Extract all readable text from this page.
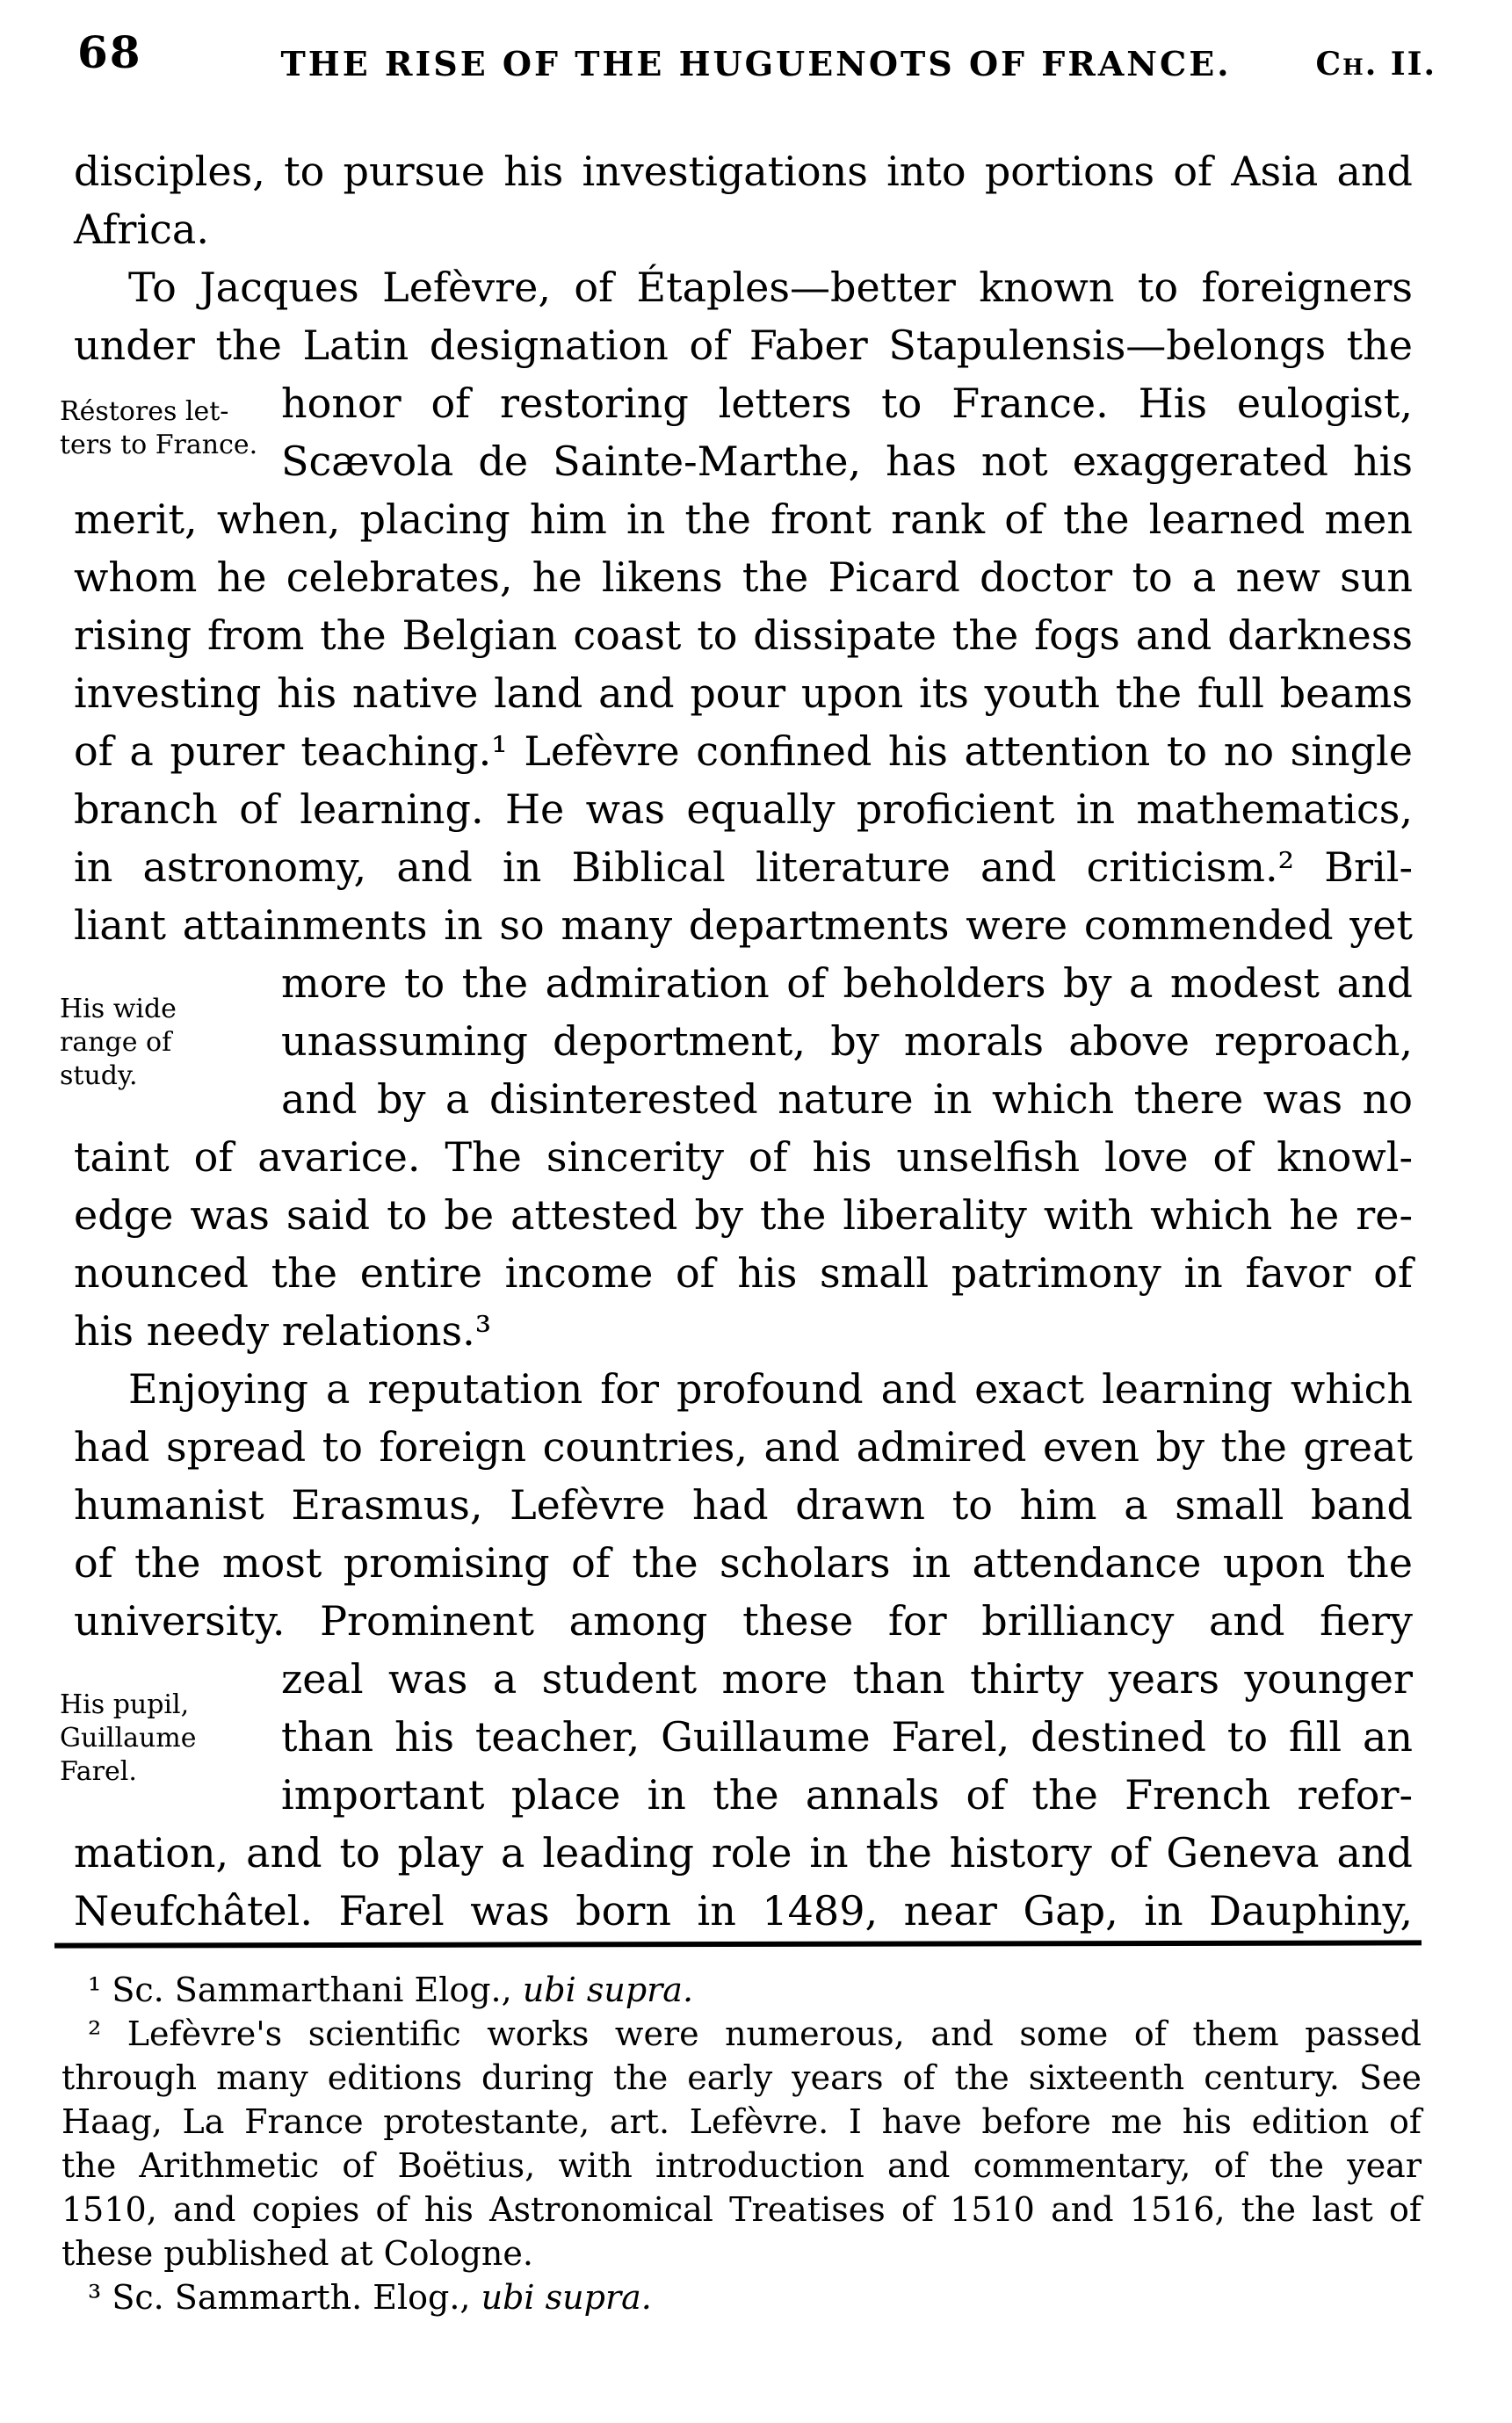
68	THE RISE OF THE HUGUENOTS OF FRANCE.	Ch. II.
disciples, to pursue his investigations into portions of Asia and
Africa.
To Jacques Lefèvre, of Étaples—better known to foreigners
under the Latin designation of Faber Stapulensis—belongs the
honor of restoring letters to France. His eulogist,
Scævola de Sainte-Marthe, has not exaggerated his
merit, when, placing him in the front rank of the learned men
whom he celebrates, he likens the Picard doctor to a new sun
rising from the Belgian coast to dissipate the fogs and darkness
investing his native land and pour upon its youth the full beams
of a purer teaching.¹ Lefèvre confined his attention to no single
branch of learning. He was equally proficient in mathematics,
in astronomy, and in Biblical literature and criticism.² Bril-
liant attainments in so many departments were commended yet
more to the admiration of beholders by a modest and
unassuming deportment, by morals above reproach,
and by a disinterested nature in which there was no
taint of avarice. The sincerity of his unselfish love of knowl-
edge was said to be attested by the liberality with which he re-
nounced the entire income of his small patrimony in favor of
his needy relations.³
Enjoying a reputation for profound and exact learning which
had spread to foreign countries, and admired even by the great
humanist Erasmus, Lefèvre had drawn to him a small band
of the most promising of the scholars in attendance upon the
university. Prominent among these for brilliancy and fiery
zeal was a student more than thirty years younger
than his teacher, Guillaume Farel, destined to fill an
important place in the annals of the French refor-
mation, and to play a leading role in the history of Geneva and
Neufchâtel. Farel was born in 1489, near Gap, in Dauphiny,
Réstores let-
ters to France.
His wide
range of
study.
His pupil,
Guillaume
Farel.
¹ Sc. Sammarthani Elog., ubi supra.
² Lefèvre's scientific works were numerous, and some of them passed
through many editions during the early years of the sixteenth century. See
Haag, La France protestante, art. Lefèvre. I have before me his edition of
the Arithmetic of Boëtius, with introduction and commentary, of the year
1510, and copies of his Astronomical Treatises of 1510 and 1516, the last of
these published at Cologne.
³ Sc. Sammarth. Elog., ubi supra.
